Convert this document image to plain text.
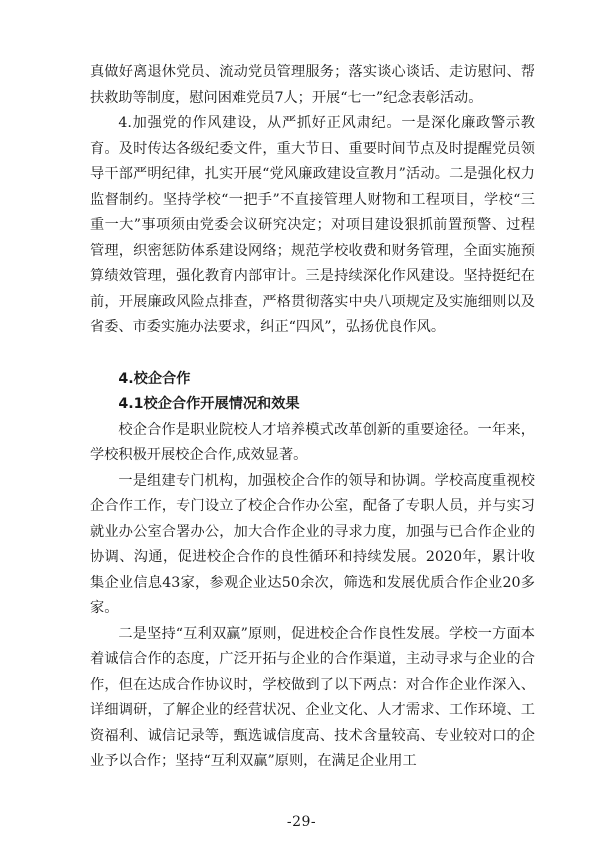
真做好离退休党员、流动党员管理服务；落实谈心谈话、走访慰问、帮扶救助等制度，慰问困难党员7人；开展“七一”纪念表彰活动。

4.加强党的作风建设，从严抓好正风肃纪。一是深化廉政警示教育。及时传达各级纪委文件，重大节日、重要时间节点及时提醒党员领导干部严明纪律，扎实开展“党风廉政建设宣教月”活动。二是强化权力监督制约。坚持学校“一把手”不直接管理人财物和工程项目，学校“三重一大”事项须由党委会议研究决定；对项目建设狠抓前置预警、过程管理，织密惩防体系建设网络；规范学校收费和财务管理，全面实施预算绩效管理，强化教育内部审计。三是持续深化作风建设。坚持挺纪在前，开展廉政风险点排查，严格贯彻落实中央八项规定及实施细则以及省委、市委实施办法要求，纠正“四风”，弘扬优良作风。

4.校企合作

4.1校企合作开展情况和效果

校企合作是职业院校人才培养模式改革创新的重要途径。一年来，学校积极开展校企合作,成效显著。

一是组建专门机构，加强校企合作的领导和协调。学校高度重视校企合作工作，专门设立了校企合作办公室，配备了专职人员，并与实习就业办公室合署办公，加大合作企业的寻求力度，加强与已合作企业的协调、沟通，促进校企合作的良性循环和持续发展。2020年，累计收集企业信息43家，参观企业达50余次，筛选和发展优质合作企业20多家。

二是坚持“互利双赢”原则，促进校企合作良性发展。学校一方面本着诚信合作的态度，广泛开拓与企业的合作渠道，主动寻求与企业的合作，但在达成合作协议时，学校做到了以下两点：对合作企业作深入、详细调研，了解企业的经营状况、企业文化、人才需求、工作环境、工资福利、诚信记录等，甄选诚信度高、技术含量较高、专业较对口的企业予以合作；坚持“互利双赢”原则，在满足企业用工

-29-
